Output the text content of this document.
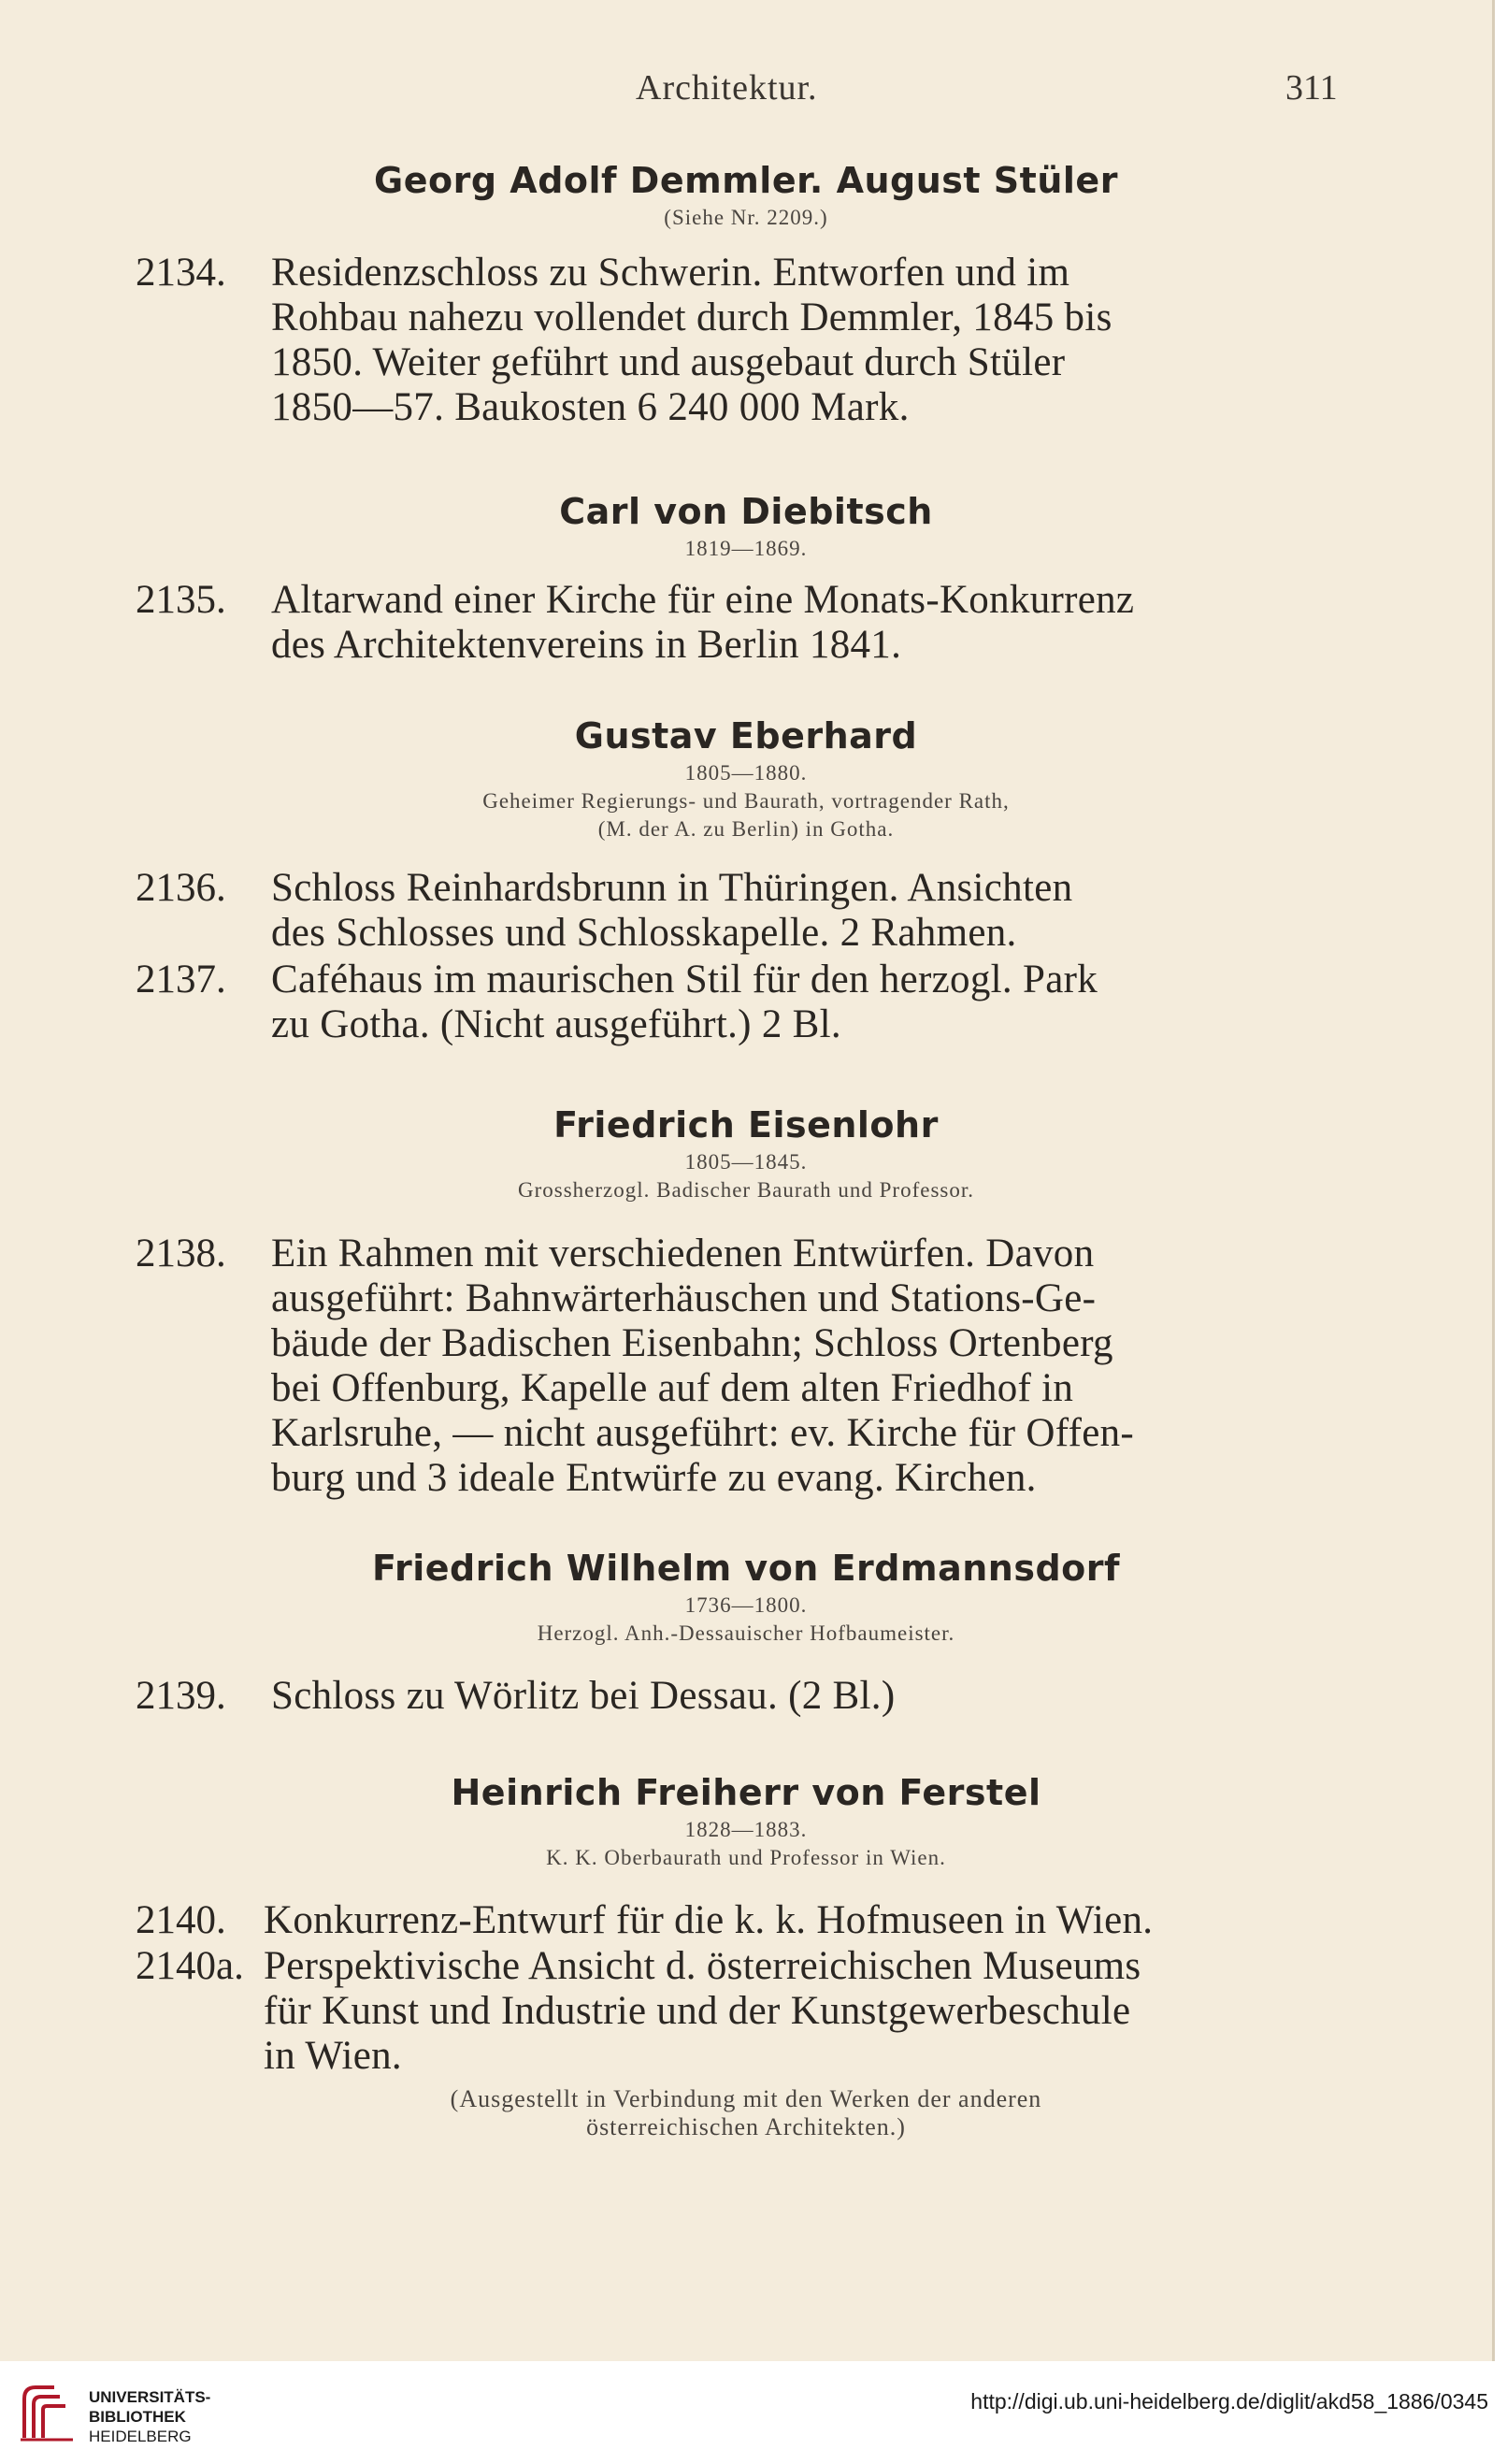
Architektur.	311

Georg Adolf Demmler. August Stüler

(Siehe Nr. 2209.)

2134. Residenzschloss zu Schwerin. Entworfen und im
Rohbau nahezu vollendet durch Demmler, 1845 bis
1850. Weiter geführt und ausgebaut durch Stüler
1850—57. Baukosten 6 240 000 Mark.

Carl von Diebitsch

1819—1869.

2135. Altarwand einer Kirche für eine Monats-Konkurrenz
des Architektenvereins in Berlin 1841.

Gustav Eberhard

1805—1880.

Geheimer Regierungs- und Baurath, vortragender Rath,

(M. der A. zu Berlin) in Gotha.

2136. Schloss Reinhardsbrunn in Thüringen. Ansichten
des Schlosses und Schlosskapelle. 2 Rahmen.
2137. Caféhaus im maurischen Stil für den herzogl. Park
zu Gotha. (Nicht ausgeführt.) 2 Bl.

Friedrich Eisenlohr

1805—1845.

Grossherzogl. Badischer Baurath und Professor.

2138. Ein Rahmen mit verschiedenen Entwürfen. Davon
ausgeführt: Bahnwärterhäuschen und Stations-Ge-
bäude der Badischen Eisenbahn; Schloss Ortenberg
bei Offenburg, Kapelle auf dem alten Friedhof in
Karlsruhe, — nicht ausgeführt: ev. Kirche für Offen-
burg und 3 ideale Entwürfe zu evang. Kirchen.

Friedrich Wilhelm von Erdmannsdorf

1736—1800.

Herzogl. Anh.-Dessauischer Hofbaumeister.

2139. Schloss zu Wörlitz bei Dessau. (2 Bl.)

Heinrich Freiherr von Ferstel

1828—1883.

K. K. Oberbaurath und Professor in Wien.

2140. Konkurrenz-Entwurf für die k. k. Hofmuseen in Wien.
2140a. Perspektivische Ansicht d. österreichischen Museums
für Kunst und Industrie und der Kunstgewerbeschule
in Wien.
(Ausgestellt in Verbindung mit den Werken der anderen
österreichischen Architekten.)
UNIVERSITÄTS-
BIBLIOTHEK
HEIDELBERG
http://digi.ub.uni-heidelberg.de/diglit/akd58_1886/0345
